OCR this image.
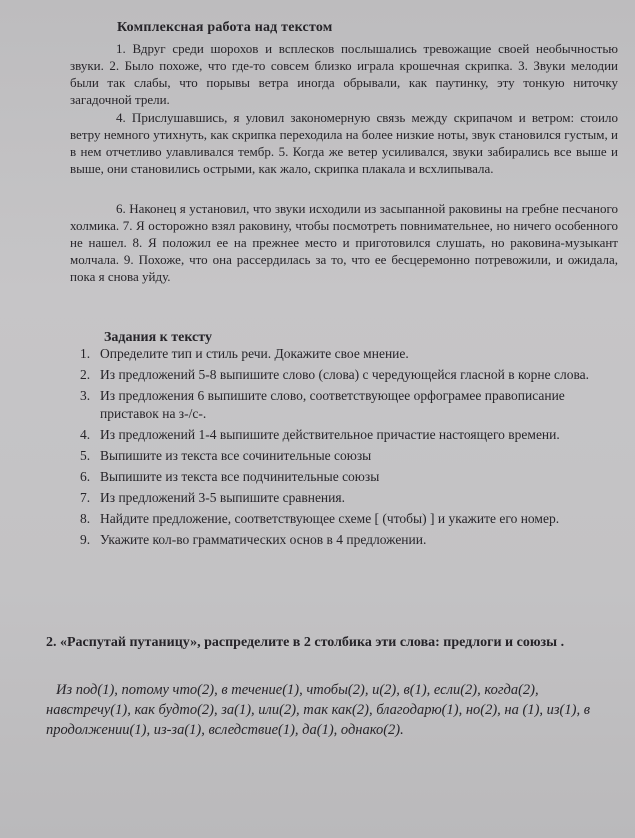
Комплексная работа над текстом

1. Вдруг среди шорохов и всплесков послышались тревожащие своей необычностью звуки. 2. Было похоже, что где-то совсем близко играла крошечная скрипка. 3. Звуки мелодии были так слабы, что порывы ветра иногда обрывали, как паутинку, эту тонкую ниточку загадочной трели.

4. Прислушавшись, я уловил закономерную связь между скрипачом и ветром: стоило ветру немного утихнуть, как скрипка переходила на более низкие ноты, звук становился густым, и в нем отчетливо улавливался тембр. 5. Когда же ветер усиливался, звуки забирались все выше и выше, они становились острыми, как жало, скрипка плакала и всхлипывала.

6. Наконец я установил, что звуки исходили из засыпанной раковины на гребне песчаного холмика. 7. Я осторожно взял раковину, чтобы посмотреть повнимательнее, но ничего особенного не нашел. 8. Я положил ее на прежнее место и приготовился слушать, но раковина-музыкант молчала. 9. Похоже, что она рассердилась за то, что ее бесцеремонно потревожили, и ожидала, пока я снова уйду.

Задания к тексту
1. Определите тип и стиль речи. Докажите свое мнение.
2. Из предложений 5-8 выпишите слово (слова) с чередующейся гласной в корне слова.
3. Из предложения 6 выпишите слово, соответствующее орфограмее правописание приставок на з-/с-.
4. Из предложений 1-4 выпишите действительное причастие настоящего времени.
5. Выпишите из текста все сочинительные союзы
6. Выпишите из текста все подчинительные союзы
7. Из предложений 3-5 выпишите сравнения.
8. Найдите предложение, соответствующее схеме [ (чтобы) ] и укажите его номер.
9. Укажите кол-во грамматических основ в 4 предложении.
2. «Распутай путаницу», распределите в 2 столбика эти слова: предлоги и союзы .

Из под(1), потому что(2), в течение(1), чтобы(2), и(2), в(1), если(2), когда(2), навстречу(1), как будто(2), за(1), или(2), так как(2), благодарю(1), но(2), на (1), из(1), в продолжении(1), из-за(1), вследствие(1), да(1), однако(2).
